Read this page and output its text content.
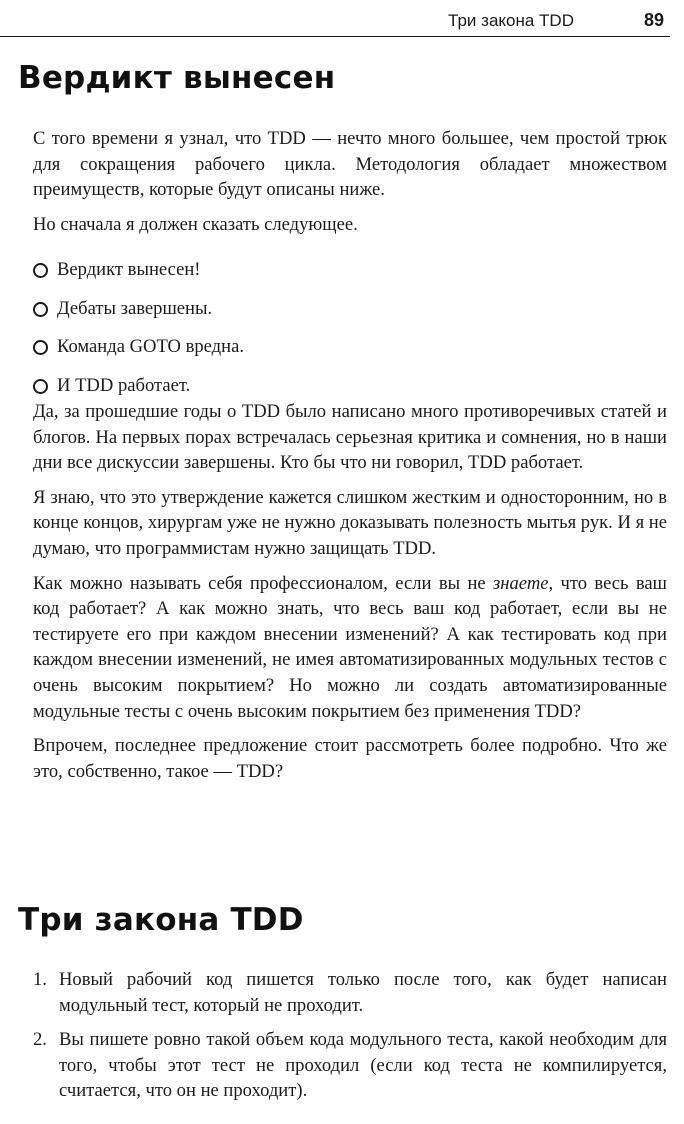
Три закона TDD	89
Вердикт вынесен

С того времени я узнал, что TDD — нечто много большее, чем простой трюк для сокращения рабочего цикла. Методология обладает множеством преимуществ, которые будут описаны ниже.

Но сначала я должен сказать следующее.

Вердикт вынесен!
Дебаты завершены.
Команда GOTO вредна.
И TDD работает.

Да, за прошедшие годы о TDD было написано много противоречивых статей и блогов. На первых порах встречалась серьезная критика и сомнения, но в наши дни все дискуссии завершены. Кто бы что ни говорил, TDD работает.

Я знаю, что это утверждение кажется слишком жестким и односторонним, но в конце концов, хирургам уже не нужно доказывать полезность мытья рук. И я не думаю, что программистам нужно защищать TDD.

Как можно называть себя профессионалом, если вы не знаете, что весь ваш код работает? А как можно знать, что весь ваш код работает, если вы не тестируете его при каждом внесении изменений? А как тестировать код при каждом внесении изменений, не имея автоматизированных модульных тестов с очень высоким покрытием? Но можно ли создать автоматизированные модульные тесты с очень высоким покрытием без применения TDD?

Впрочем, последнее предложение стоит рассмотреть более подробно. Что же это, собственно, такое — TDD?

Три закона TDD
1. Новый рабочий код пишется только после того, как будет написан модульный тест, который не проходит.
2. Вы пишете ровно такой объем кода модульного теста, какой необходим для того, чтобы этот тест не проходил (если код теста не компилируется, считается, что он не проходит).
